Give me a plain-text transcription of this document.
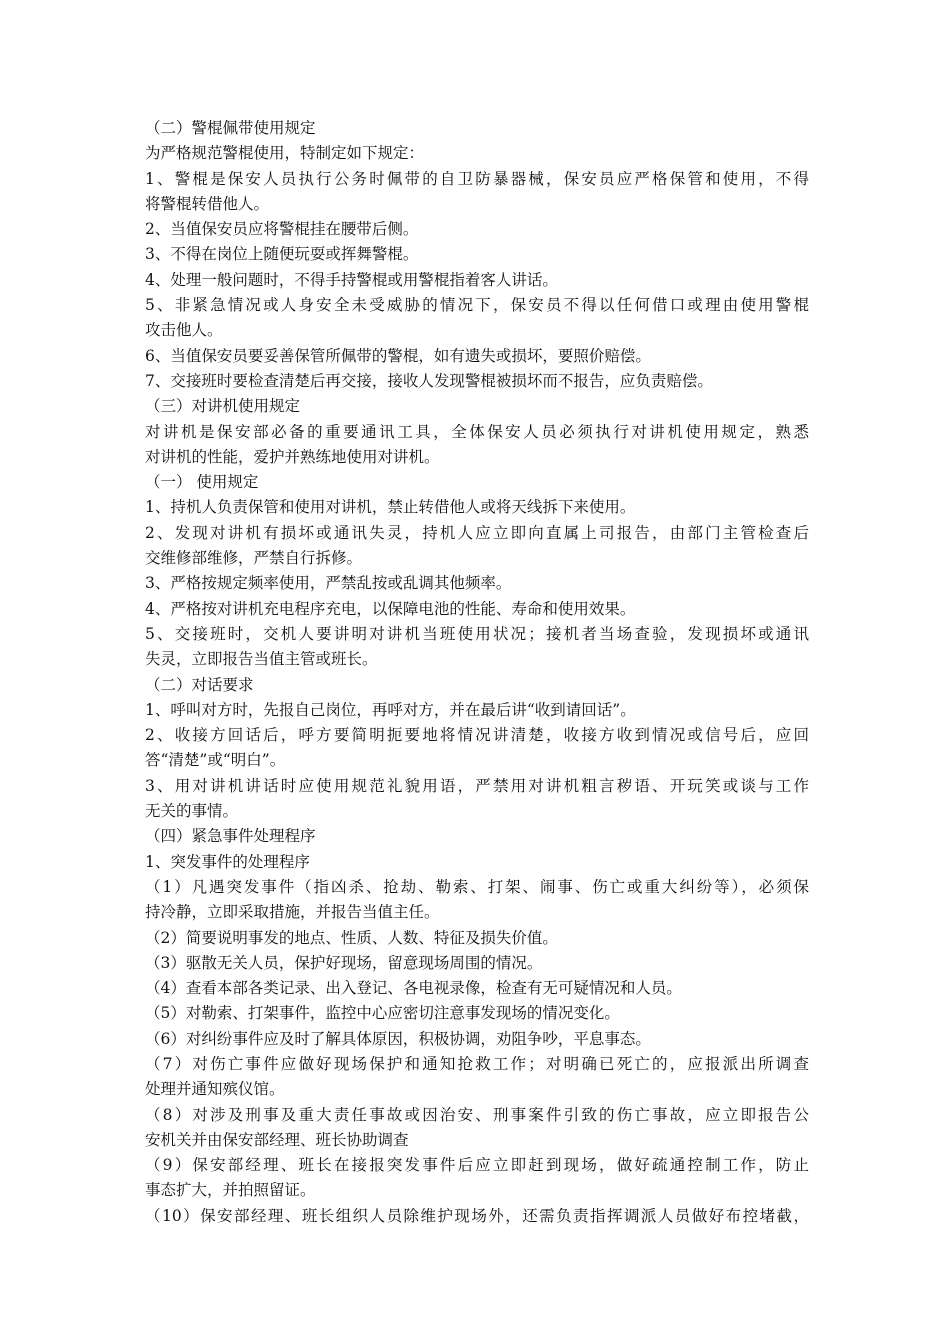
（二）警棍佩带使用规定
为严格规范警棍使用，特制定如下规定：
1、警棍是保安人员执行公务时佩带的自卫防暴器械，保安员应严格保管和使用，不得
将警棍转借他人。
2、当值保安员应将警棍挂在腰带后侧。
3、不得在岗位上随便玩耍或挥舞警棍。
4、处理一般问题时，不得手持警棍或用警棍指着客人讲话。
5、非紧急情况或人身安全未受威胁的情况下，保安员不得以任何借口或理由使用警棍
攻击他人。
6、当值保安员要妥善保管所佩带的警棍，如有遗失或损坏，要照价赔偿。
7、交接班时要检查清楚后再交接，接收人发现警棍被损坏而不报告，应负责赔偿。
（三）对讲机使用规定
对讲机是保安部必备的重要通讯工具，全体保安人员必须执行对讲机使用规定，熟悉
对讲机的性能，爱护并熟练地使用对讲机。
（一） 使用规定
1、持机人负责保管和使用对讲机，禁止转借他人或将天线拆下来使用。
2、发现对讲机有损坏或通讯失灵，持机人应立即向直属上司报告，由部门主管检查后
交维修部维修，严禁自行拆修。
3、严格按规定频率使用，严禁乱按或乱调其他频率。
4、严格按对讲机充电程序充电，以保障电池的性能、寿命和使用效果。
5、交接班时，交机人要讲明对讲机当班使用状况；接机者当场查验，发现损坏或通讯
失灵，立即报告当值主管或班长。
（二）对话要求
1、呼叫对方时，先报自己岗位，再呼对方，并在最后讲“收到请回话”。
2、收接方回话后，呼方要简明扼要地将情况讲清楚，收接方收到情况或信号后，应回
答“清楚”或“明白”。
3、用对讲机讲话时应使用规范礼貌用语，严禁用对讲机粗言秽语、开玩笑或谈与工作
无关的事情。
（四）紧急事件处理程序
1、突发事件的处理程序
（1）凡遇突发事件（指凶杀、抢劫、勒索、打架、闹事、伤亡或重大纠纷等），必须保
持冷静，立即采取措施，并报告当值主任。
（2）简要说明事发的地点、性质、人数、特征及损失价值。
（3）驱散无关人员，保护好现场，留意现场周围的情况。
（4）查看本部各类记录、出入登记、各电视录像，检查有无可疑情况和人员。
（5）对勒索、打架事件，监控中心应密切注意事发现场的情况变化。
（6）对纠纷事件应及时了解具体原因，积极协调，劝阻争吵，平息事态。
（7）对伤亡事件应做好现场保护和通知抢救工作；对明确已死亡的，应报派出所调查
处理并通知殡仪馆。
（8）对涉及刑事及重大责任事故或因治安、刑事案件引致的伤亡事故，应立即报告公
安机关并由保安部经理、班长协助调查
（9）保安部经理、班长在接报突发事件后应立即赶到现场，做好疏通控制工作，防止
事态扩大，并拍照留证。
（10）保安部经理、班长组织人员除维护现场外，还需负责指挥调派人员做好布控堵截，
